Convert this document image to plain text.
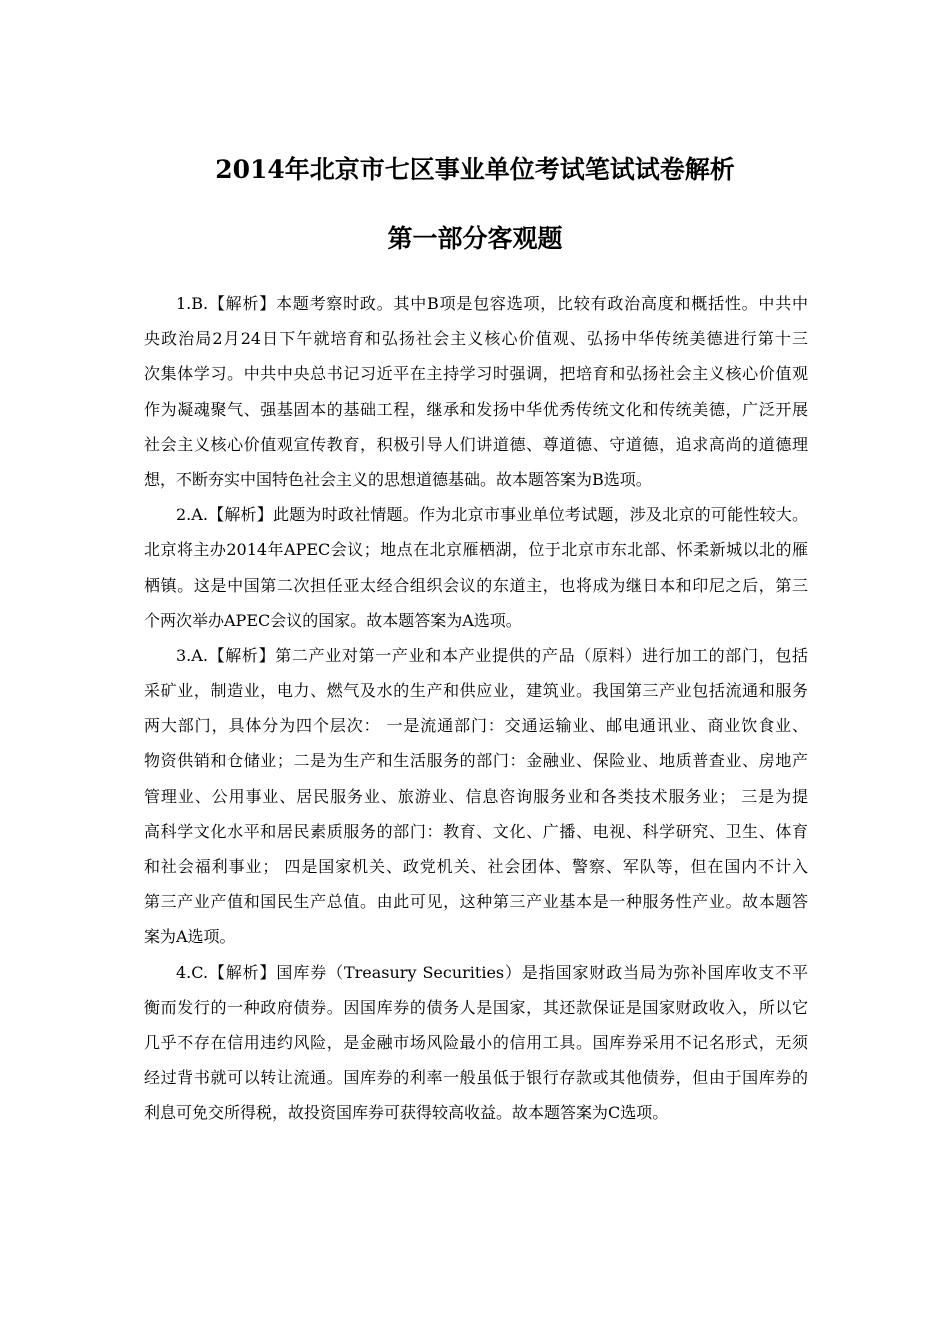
2014年北京市七区事业单位考试笔试试卷解析
第一部分客观题
1.B.【解析】本题考察时政。其中B项是包容选项，比较有政治高度和概括性。中共中
央政治局2月24日下午就培育和弘扬社会主义核心价值观、弘扬中华传统美德进行第十三
次集体学习。中共中央总书记习近平在主持学习时强调，把培育和弘扬社会主义核心价值观
作为凝魂聚气、强基固本的基础工程，继承和发扬中华优秀传统文化和传统美德，广泛开展
社会主义核心价值观宣传教育，积极引导人们讲道德、尊道德、守道德，追求高尚的道德理
想，不断夯实中国特色社会主义的思想道德基础。故本题答案为B选项。
2.A.【解析】此题为时政社情题。作为北京市事业单位考试题，涉及北京的可能性较大。
北京将主办2014年APEC会议；地点在北京雁栖湖，位于北京市东北部、怀柔新城以北的雁
栖镇。这是中国第二次担任亚太经合组织会议的东道主，也将成为继日本和印尼之后，第三
个两次举办APEC会议的国家。故本题答案为A选项。
3.A.【解析】第二产业对第一产业和本产业提供的产品（原料）进行加工的部门，包括
采矿业，制造业，电力、燃气及水的生产和供应业，建筑业。我国第三产业包括流通和服务
两大部门，具体分为四个层次： 一是流通部门：交通运输业、邮电通讯业、商业饮食业、
物资供销和仓储业；二是为生产和生活服务的部门：金融业、保险业、地质普查业、房地产
管理业、公用事业、居民服务业、旅游业、信息咨询服务业和各类技术服务业； 三是为提
高科学文化水平和居民素质服务的部门：教育、文化、广播、电视、科学研究、卫生、体育
和社会福利事业； 四是国家机关、政党机关、社会团体、警察、军队等，但在国内不计入
第三产业产值和国民生产总值。由此可见，这种第三产业基本是一种服务性产业。故本题答
案为A选项。
4.C.【解析】国库券（Treasury Securities）是指国家财政当局为弥补国库收支不平
衡而发行的一种政府债券。因国库券的债务人是国家，其还款保证是国家财政收入，所以它
几乎不存在信用违约风险，是金融市场风险最小的信用工具。国库券采用不记名形式，无须
经过背书就可以转让流通。国库券的利率一般虽低于银行存款或其他债券，但由于国库券的
利息可免交所得税，故投资国库券可获得较高收益。故本题答案为C选项。
